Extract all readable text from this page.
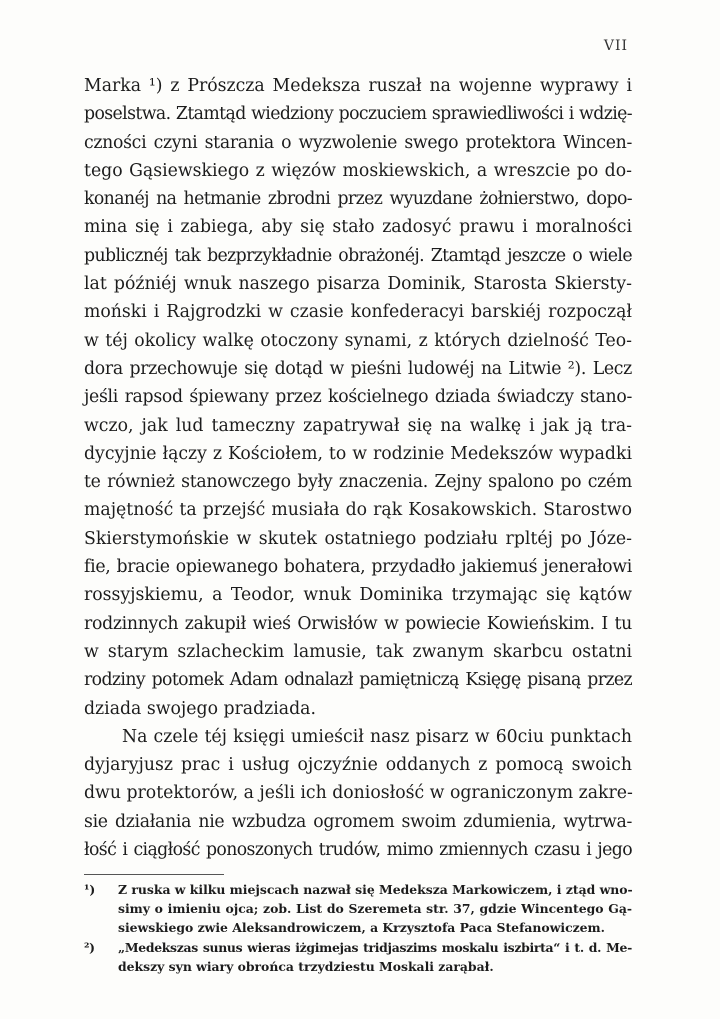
VII
Marka ¹) z Prószcza Medeksza ruszał na wojenne wyprawy i
poselstwa. Ztamtąd wiedziony poczuciem sprawiedliwości i wdzię-
czności czyni starania o wyzwolenie swego protektora Wincen-
tego Gąsiewskiego z więzów moskiewskich, a wreszcie po do-
konanéj na hetmanie zbrodni przez wyuzdane żołnierstwo, dopo-
mina się i zabiega, aby się stało zadosyć prawu i moralności
publicznéj tak bezprzykładnie obrażonéj. Ztamtąd jeszcze o wiele
lat późniéj wnuk naszego pisarza Dominik, Starosta Skiersty-
moński i Rajgrodzki w czasie konfederacyi barskiéj rozpoczął
w téj okolicy walkę otoczony synami, z których dzielność Teo-
dora przechowuje się dotąd w pieśni ludowéj na Litwie ²). Lecz
jeśli rapsod śpiewany przez kościelnego dziada świadczy stano-
wczo, jak lud tameczny zapatrywał się na walkę i jak ją tra-
dycyjnie łączy z Kościołem, to w rodzinie Medekszów wypadki
te również stanowczego były znaczenia. Zejny spalono po czém
majętność ta przejść musiała do rąk Kosakowskich. Starostwo
Skierstymońskie w skutek ostatniego podziału rpltéj po Józe-
fie, bracie opiewanego bohatera, przydadło jakiemuś jenerałowi
rossyjskiemu, a Teodor, wnuk Dominika trzymając się kątów
rodzinnych zakupił wieś Orwisłów w powiecie Kowieńskim. I tu
w starym szlacheckim lamusie, tak zwanym skarbcu ostatni
rodziny potomek Adam odnalazł pamiętniczą Księgę pisaną przez
dziada swojego pradziada.
Na czele téj księgi umieścił nasz pisarz w 60ciu punktach
dyjaryjusz prac i usług ojczyźnie oddanych z pomocą swoich
dwu protektorów, a jeśli ich doniosłość w ograniczonym zakre-
sie działania nie wzbudza ogromem swoim zdumienia, wytrwa-
łość i ciągłość ponoszonych trudów, mimo zmiennych czasu i jego
¹) Z ruska w kilku miejscach nazwał się Medeksza Markowiczem, i ztąd wno-
simy o imieniu ojca; zob. List do Szeremeta str. 37, gdzie Wincentego Gą-
siewskiego zwie Aleksandrowiczem, a Krzysztofa Paca Stefanowiczem.
²) „Medekszas sunus wieras iżgimejas tridjaszims moskalu iszbirta“ i t. d. Me-
dekszy syn wiary obrońca trzydziestu Moskali zarąbał.
